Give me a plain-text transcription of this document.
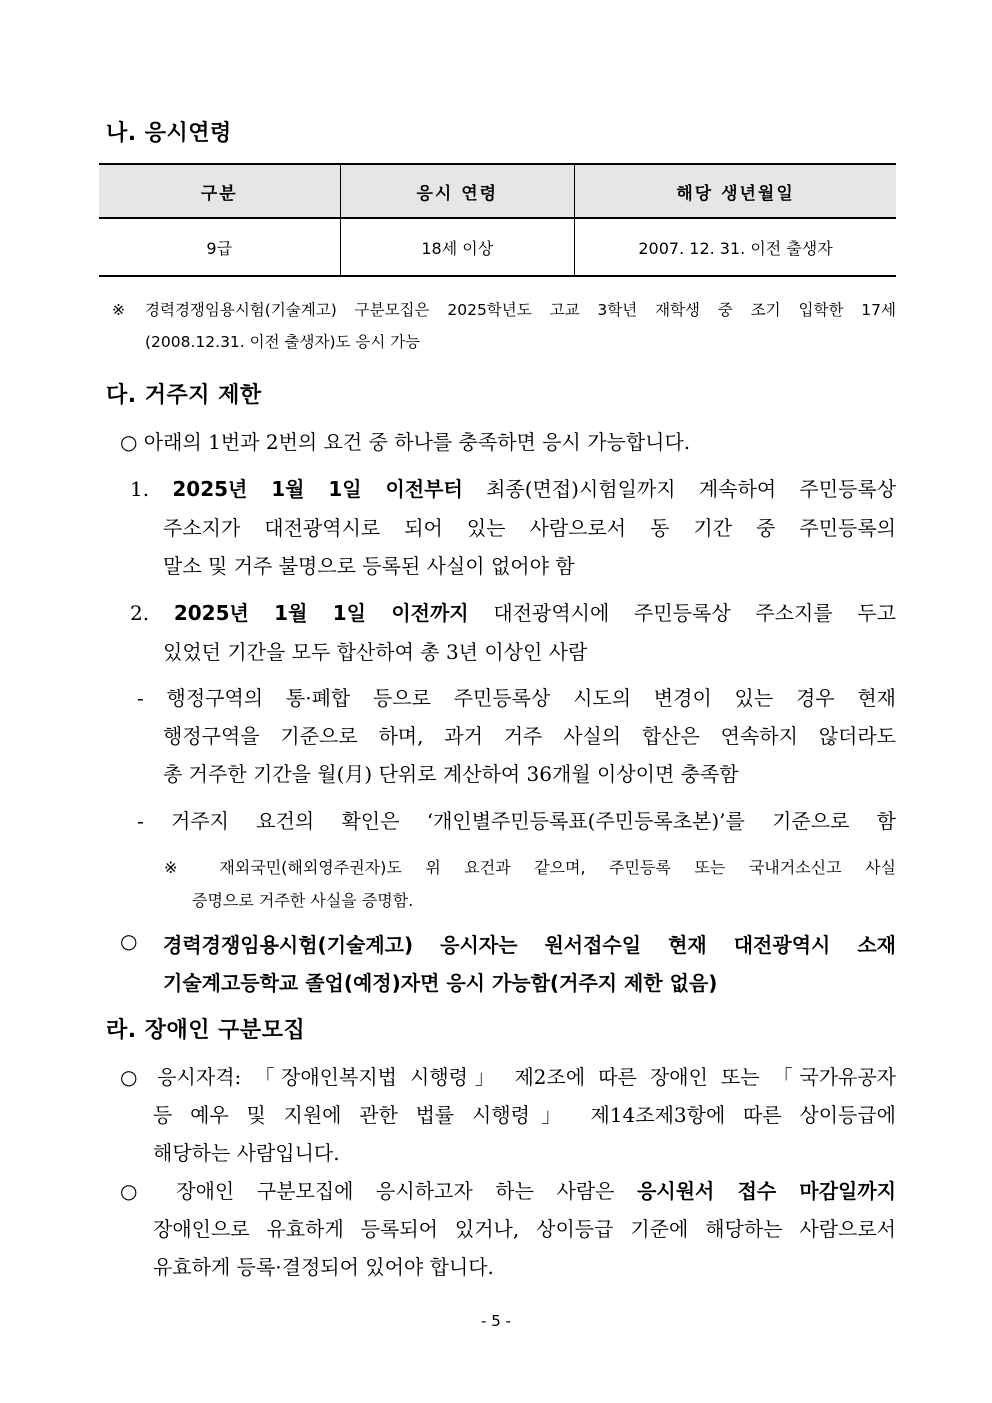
나. 응시연령
구분	응시 연령	해당 생년월일
9급	18세 이상	2007. 12. 31. 이전 출생자
※ 경력경쟁임용시험(기술계고) 구분모집은 2025학년도 고교 3학년 재학생 중 조기 입학한 17세
(2008.12.31. 이전 출생자)도 응시 가능
다. 거주지 제한
○ 아래의 1번과 2번의 요건 중 하나를 충족하면 응시 가능합니다.
1. 2025년 1월 1일 이전부터 최종(면접)시험일까지 계속하여 주민등록상
주소지가 대전광역시로 되어 있는 사람으로서 동 기간 중 주민등록의
말소 및 거주 불명으로 등록된 사실이 없어야 함
2. 2025년 1월 1일 이전까지 대전광역시에 주민등록상 주소지를 두고
있었던 기간을 모두 합산하여 총 3년 이상인 사람
- 행정구역의 통·폐합 등으로 주민등록상 시도의 변경이 있는 경우 현재
행정구역을 기준으로 하며, 과거 거주 사실의 합산은 연속하지 않더라도
총 거주한 기간을 월(月) 단위로 계산하여 36개월 이상이면 충족함
- 거주지 요건의 확인은 ‘개인별주민등록표(주민등록초본)’를 기준으로 함
※ 재외국민(해외영주권자)도 위 요건과 같으며, 주민등록 또는 국내거소신고 사실
증명으로 거주한 사실을 증명함.
○ 경력경쟁임용시험(기술계고) 응시자는 원서접수일 현재 대전광역시 소재
기술계고등학교 졸업(예정)자면 응시 가능함(거주지 제한 없음)
라. 장애인 구분모집
○ 응시자격: 「장애인복지법 시행령」 제2조에 따른 장애인 또는 「국가유공자
등 예우 및 지원에 관한 법률 시행령」 제14조제3항에 따른 상이등급에
해당하는 사람입니다.
○ 장애인 구분모집에 응시하고자 하는 사람은 응시원서 접수 마감일까지
장애인으로 유효하게 등록되어 있거나, 상이등급 기준에 해당하는 사람으로서
유효하게 등록·결정되어 있어야 합니다.
- 5 -
